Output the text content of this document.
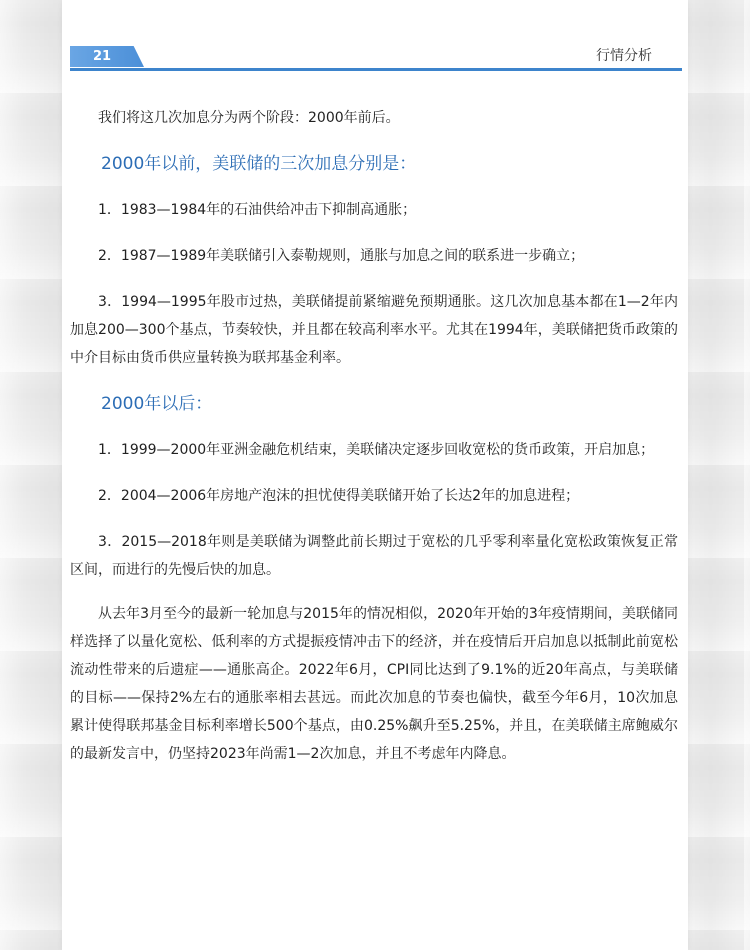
21	行情分析

我们将这几次加息分为两个阶段：2000年前后。

2000年以前，美联储的三次加息分别是：

1．1983—1984年的石油供给冲击下抑制高通胀；

2．1987—1989年美联储引入泰勒规则，通胀与加息之间的联系进一步确立；

3．1994—1995年股市过热，美联储提前紧缩避免预期通胀。这几次加息基本都在1—2年内加息200—300个基点，节奏较快，并且都在较高利率水平。尤其在1994年，美联储把货币政策的中介目标由货币供应量转换为联邦基金利率。

2000年以后：

1．1999—2000年亚洲金融危机结束，美联储决定逐步回收宽松的货币政策，开启加息；

2．2004—2006年房地产泡沫的担忧使得美联储开始了长达2年的加息进程；

3．2015—2018年则是美联储为调整此前长期过于宽松的几乎零利率量化宽松政策恢复正常区间，而进行的先慢后快的加息。

从去年3月至今的最新一轮加息与2015年的情况相似，2020年开始的3年疫情期间，美联储同样选择了以量化宽松、低利率的方式提振疫情冲击下的经济，并在疫情后开启加息以抵制此前宽松流动性带来的后遗症——通胀高企。2022年6月，CPI同比达到了9.1%的近20年高点，与美联储的目标——保持2%左右的通胀率相去甚远。而此次加息的节奏也偏快，截至今年6月，10次加息累计使得联邦基金目标利率增长500个基点，由0.25%飙升至5.25%，并且，在美联储主席鲍威尔的最新发言中，仍坚持2023年尚需1—2次加息，并且不考虑年内降息。
